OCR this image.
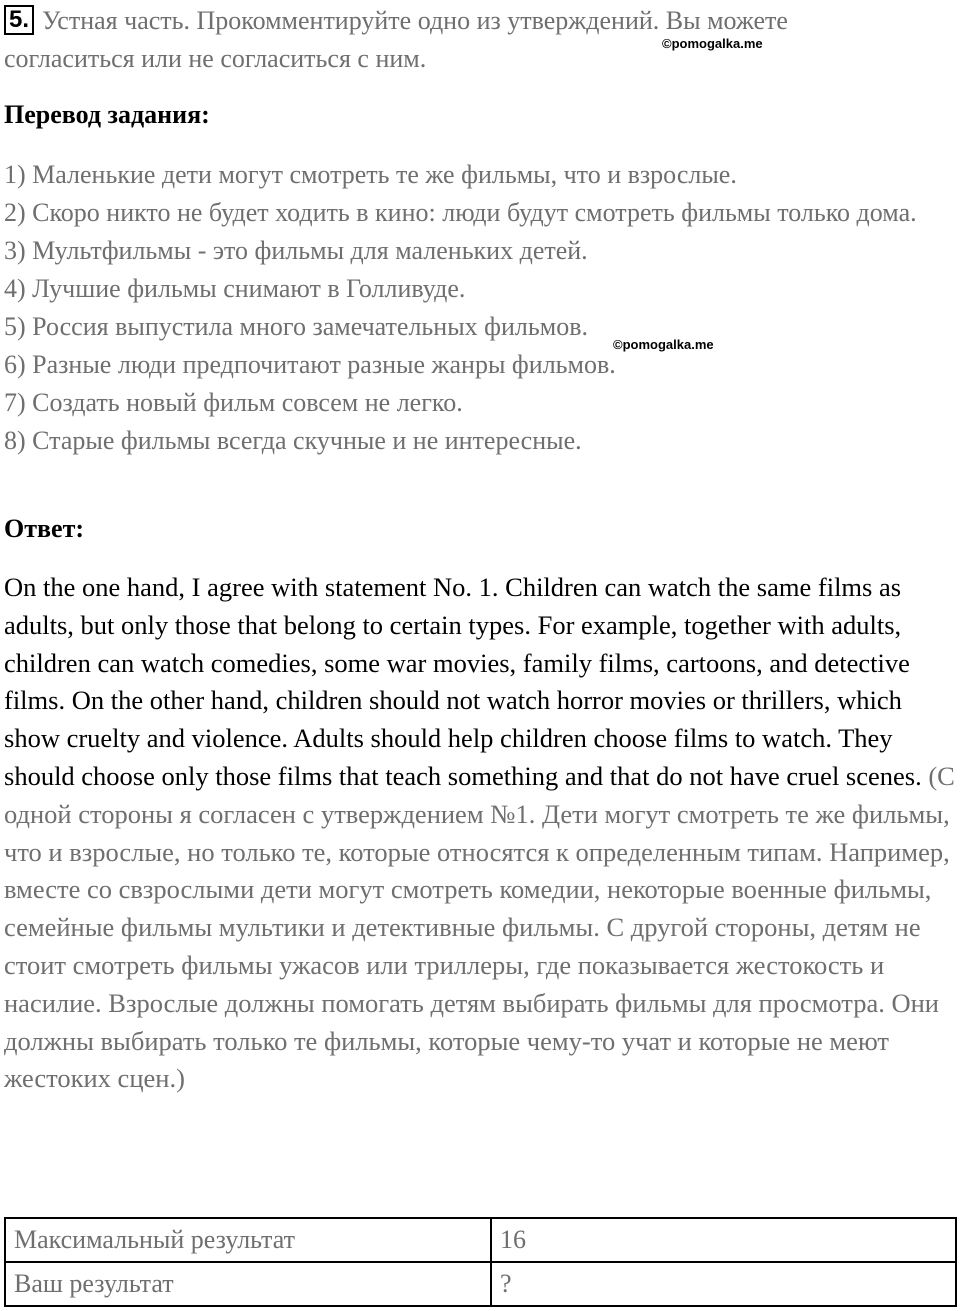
5. Устная часть. Прокомментируйте одно из утверждений. Вы можете
согласиться или не согласиться с ним.
©pomogalka.me
Перевод задания:
1) Маленькие дети могут смотреть те же фильмы, что и взрослые.
2) Скоро никто не будет ходить в кино: люди будут смотреть фильмы только дома.
3) Мультфильмы - это фильмы для маленьких детей.
4) Лучшие фильмы снимают в Голливуде.
5) Россия выпустила много замечательных фильмов.
6) Разные люди предпочитают разные жанры фильмов.
7) Создать новый фильм совсем не легко.
8) Старые фильмы всегда скучные и не интересные.
©pomogalka.me
Ответ:

On the one hand, I agree with statement No. 1. Children can watch the same films as adults, but only those that belong to certain types. For example, together with adults, children can watch comedies, some war movies, family films, cartoons, and detective films. On the other hand, children should not watch horror movies or thrillers, which show cruelty and violence. Adults should help children choose films to watch. They should choose only those films that teach something and that do not have cruel scenes. (С одной стороны я согласен с утверждением №1. Дети могут смотреть те же фильмы, что и взрослые, но только те, которые относятся к определенным типам. Например, вместе со свзрослыми дети могут смотреть комедии, некоторые военные фильмы, семейные фильмы мультики и детективные фильмы. С другой стороны, детям не стоит смотреть фильмы ужасов или триллеры, где показывается жестокость и насилие. Взрослые должны помогать детям выбирать фильмы для просмотра. Они должны выбирать только те фильмы, которые чему-то учат и которые не меют жестоких сцен.)

Максимальный результат	16
Ваш результат	?
